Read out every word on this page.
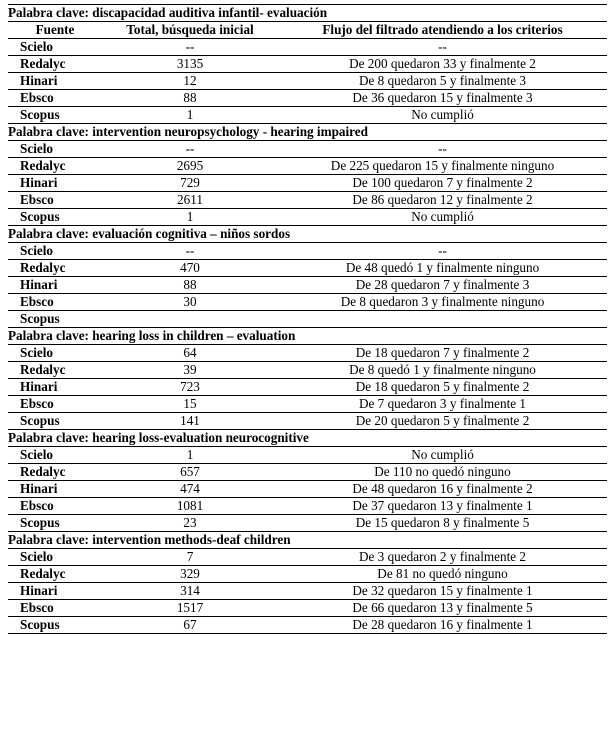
Palabra clave: discapacidad auditiva infantil- evaluación		
Fuente	Total, búsqueda inicial	Flujo del filtrado atendiendo a los criterios
Scielo	--	--
Redalyc	3135	De 200 quedaron 33 y finalmente 2
Hinari	12	De 8 quedaron 5 y finalmente 3
Ebsco	88	De 36 quedaron 15 y finalmente 3
Scopus	1	No cumplió
Palabra clave: intervention neuropsychology - hearing impaired		
Scielo	--	--
Redalyc	2695	De 225 quedaron 15 y finalmente ninguno
Hinari	729	De 100 quedaron 7 y finalmente 2
Ebsco	2611	De 86 quedaron 12 y finalmente 2
Scopus	1	No cumplió
Palabra clave: evaluación cognitiva – niños sordos		
Scielo	--	--
Redalyc	470	De 48 quedó 1 y finalmente ninguno
Hinari	88	De 28 quedaron 7 y finalmente 3
Ebsco	30	De 8 quedaron 3 y finalmente ninguno
Scopus		
Palabra clave: hearing loss in children – evaluation		
Scielo	64	De 18 quedaron 7 y finalmente 2
Redalyc	39	De 8 quedó 1 y finalmente ninguno
Hinari	723	De 18 quedaron 5 y finalmente 2
Ebsco	15	De 7 quedaron 3 y finalmente 1
Scopus	141	De 20 quedaron 5 y finalmente 2
Palabra clave: hearing loss-evaluation neurocognitive		
Scielo	1	No cumplió
Redalyc	657	De 110 no quedó ninguno
Hinari	474	De 48 quedaron 16 y finalmente 2
Ebsco	1081	De 37 quedaron 13 y finalmente 1
Scopus	23	De 15 quedaron 8 y finalmente 5
Palabra clave: intervention methods-deaf children		
Scielo	7	De 3 quedaron 2 y finalmente 2
Redalyc	329	De 81 no quedó ninguno
Hinari	314	De 32 quedaron 15 y finalmente 1
Ebsco	1517	De 66 quedaron 13 y finalmente 5
Scopus	67	De 28 quedaron 16 y finalmente 1
